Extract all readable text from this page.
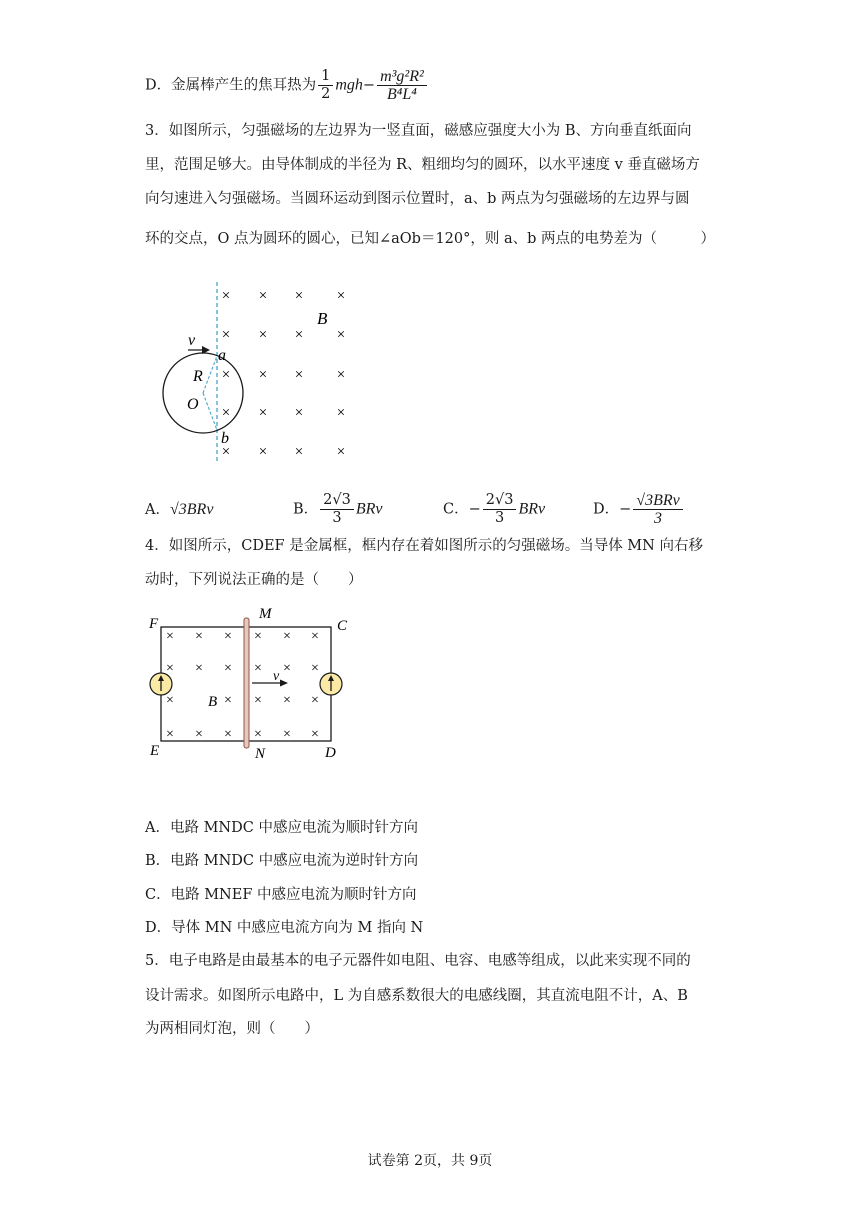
D．金属棒产生的焦耳热为 $\frac{1}{2} mgh- \frac{\text{m³g²R²}}{\text{B⁴L⁴}}$
3．如图所示，匀强磁场的左边界为一竖直面，磁感应强度大小为 B、方向垂直纸面向
里，范围足够大。由导体制成的半径为 R、粗细均匀的圆环，以水平速度 v 垂直磁场方
向匀速进入匀强磁场。当圆环运动到图示位置时，a、b 两点为匀强磁场的左边界与圆
环的交点，O 点为圆环的圆心，已知∠aOb＝120°，则 a、b 两点的电势差为（　　　）
× × × ×
× × × ×
× × × ×
× × × ×
× × × ×
v
B
a
R
O
b
A．√3BRv	B． $\frac{2√3}{3}$ BRv	C．− $\frac{2√3}{3}$ BRv	D．− $\frac{\text{√3BRv}}{3}$
4．如图所示，CDEF 是金属框，框内存在着如图所示的匀强磁场。当导体 MN 向右移
动时，下列说法正确的是（　　）
× × × × × ×
× × × × × ×
×	× × × ×
× × × × × ×
F
M
C
E	N	D
v
B
A．电路 MNDC 中感应电流为顺时针方向
B．电路 MNDC 中感应电流为逆时针方向
C．电路 MNEF 中感应电流为顺时针方向
D．导体 MN 中感应电流方向为 M 指向 N
5．电子电路是由最基本的电子元器件如电阻、电容、电感等组成，以此来实现不同的
设计需求。如图所示电路中，L 为自感系数很大的电感线圈，其直流电阻不计，A、B
为两相同灯泡，则（　　）
试卷第 2页，共 9页
